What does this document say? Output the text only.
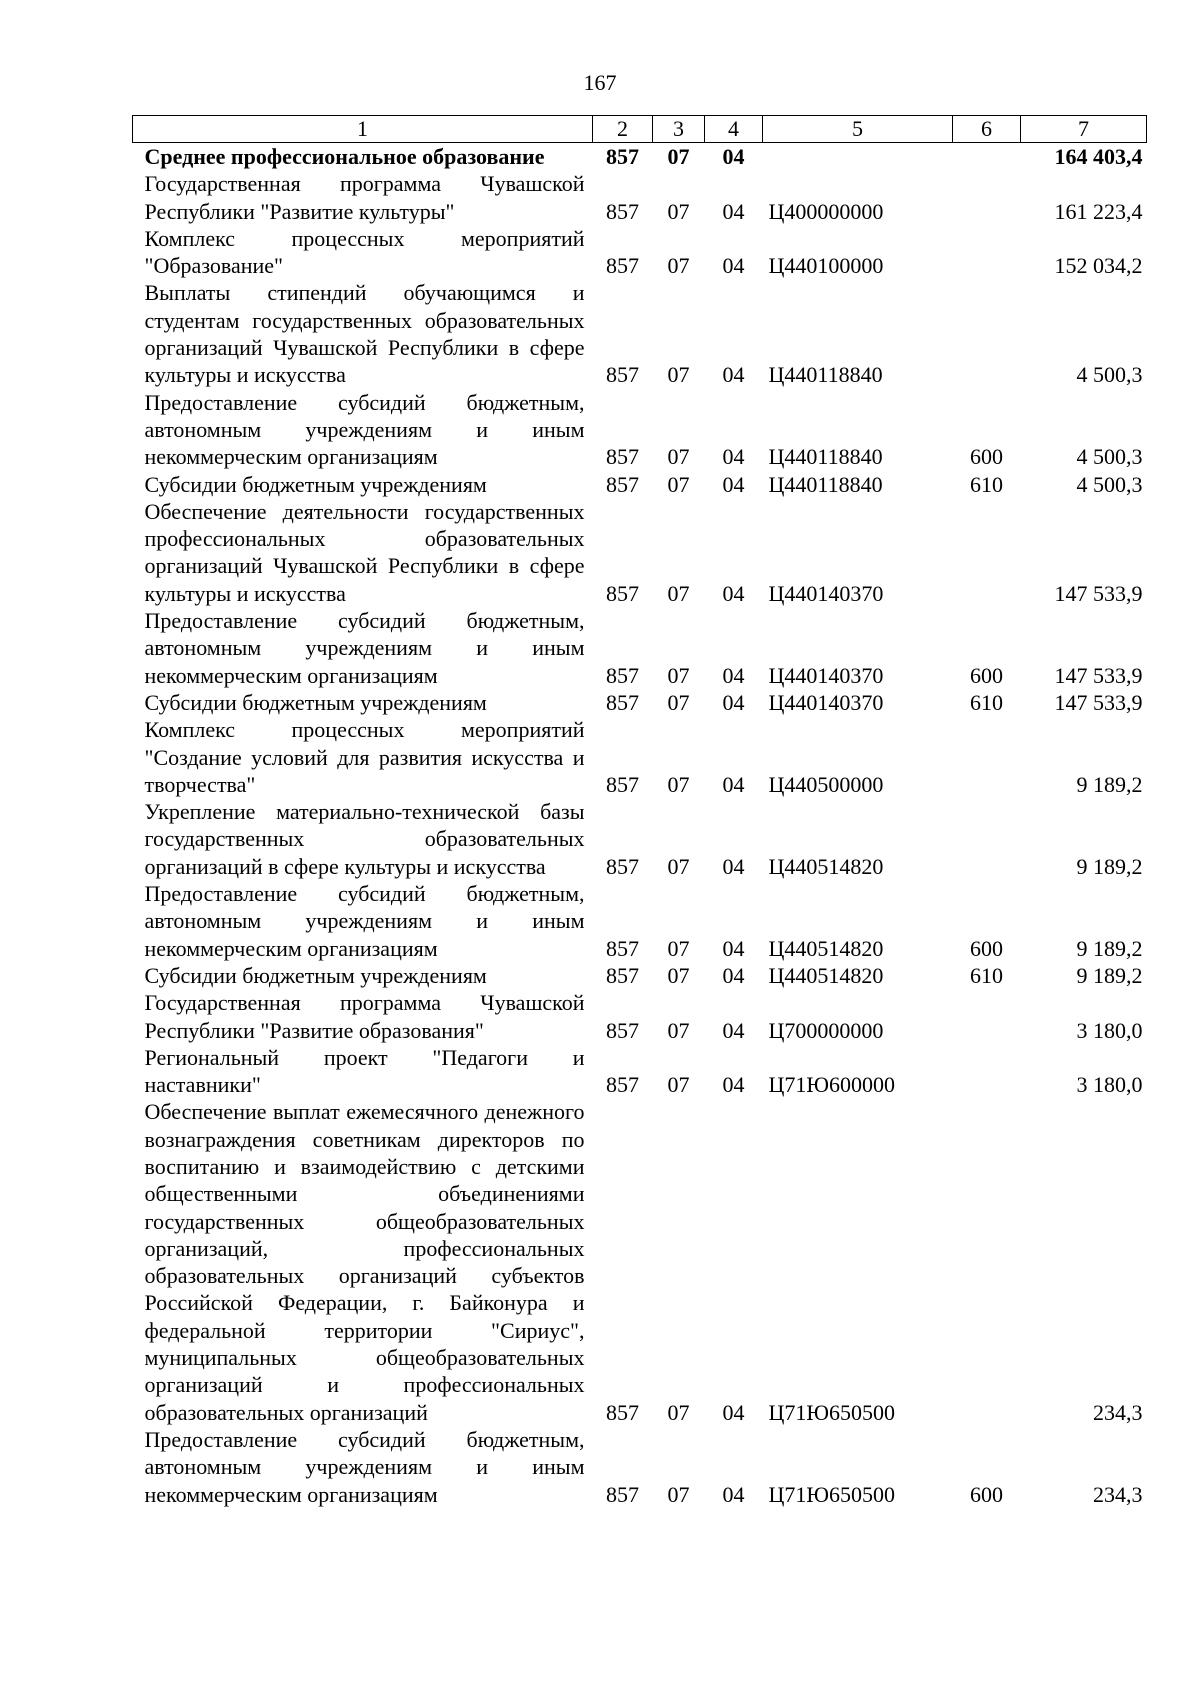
167
1	2	3	4	5	6	7

Среднее профессиональное образование	857	07	04			164 403,4

Государственная программа Чувашской Республики "Развитие культуры"	857	07	04	Ц400000000		161 223,4

Комплекс процессных мероприятий "Образование"	857	07	04	Ц440100000		152 034,2

Выплаты стипендий обучающимся и студентам государственных образовательных организаций Чувашской Республики в сфере культуры и искусства	857	07	04	Ц440118840		4 500,3

Предоставление субсидий бюджетным, автономным учреждениям и иным некоммерческим организациям	857	07	04	Ц440118840	600	4 500,3

Субсидии бюджетным учреждениям	857	07	04	Ц440118840	610	4 500,3

Обеспечение деятельности государственных профессиональных образовательных организаций Чувашской Республики в сфере культуры и искусства	857	07	04	Ц440140370		147 533,9

Предоставление субсидий бюджетным, автономным учреждениям и иным некоммерческим организациям	857	07	04	Ц440140370	600	147 533,9

Субсидии бюджетным учреждениям	857	07	04	Ц440140370	610	147 533,9

Комплекс процессных мероприятий "Создание условий для развития искусства и творчества"	857	07	04	Ц440500000		9 189,2

Укрепление материально-технической базы государственных образовательных организаций в сфере культуры и искусства	857	07	04	Ц440514820		9 189,2

Предоставление субсидий бюджетным, автономным учреждениям и иным некоммерческим организациям	857	07	04	Ц440514820	600	9 189,2

Субсидии бюджетным учреждениям	857	07	04	Ц440514820	610	9 189,2

Государственная программа Чувашской Республики "Развитие образования"	857	07	04	Ц700000000		3 180,0

Региональный проект "Педагоги и наставники"	857	07	04	Ц71Ю600000		3 180,0

Обеспечение выплат ежемесячного денежного вознаграждения советникам директоров по воспитанию и взаимодействию с детскими общественными объединениями государственных общеобразовательных организаций, профессиональных образовательных организаций субъектов Российской Федерации, г. Байконура и федеральной территории "Сириус", муниципальных общеобразовательных организаций и профессиональных образовательных организаций	857	07	04	Ц71Ю650500		234,3

Предоставление субсидий бюджетным, автономным учреждениям и иным некоммерческим организациям	857	07	04	Ц71Ю650500	600	234,3
